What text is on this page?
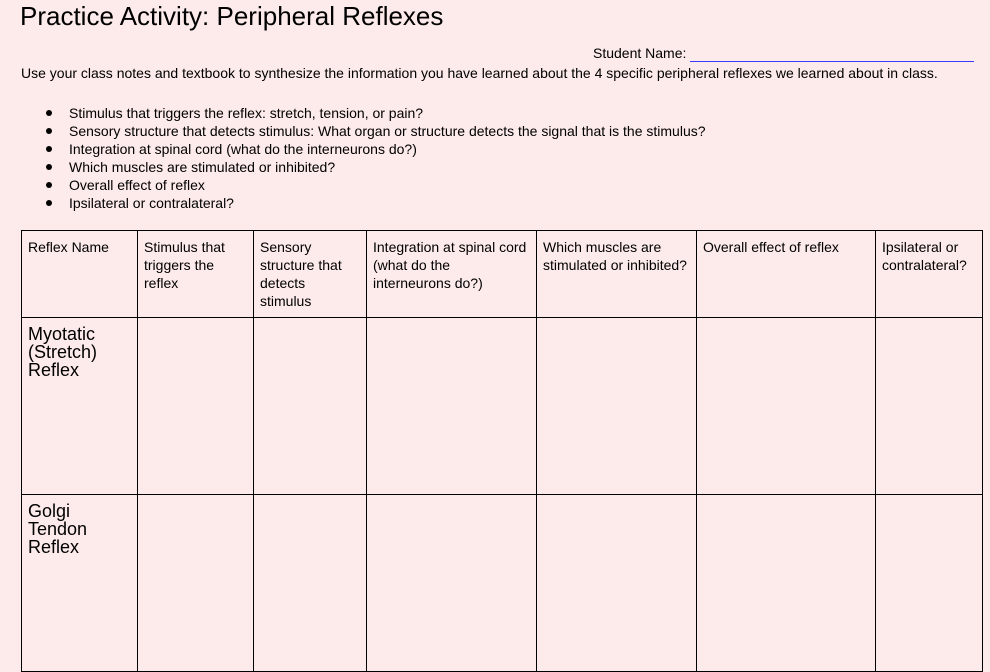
Practice Activity: Peripheral Reflexes
Student Name:

Use your class notes and textbook to synthesize the information you have learned about the 4 specific peripheral reflexes we learned about in class.

Stimulus that triggers the reflex: stretch, tension, or pain?
Sensory structure that detects stimulus: What organ or structure detects the signal that is the stimulus?
Integration at spinal cord (what do the interneurons do?)
Which muscles are stimulated or inhibited?
Overall effect of reflex
Ipsilateral or contralateral?
Reflex Name	Stimulus that triggers the reflex	Sensory structure that detects stimulus	Integration at spinal cord (what do the interneurons do?)	Which muscles are stimulated or inhibited?	Overall effect of reflex	Ipsilateral or contralateral?
Myotatic (Stretch) Reflex						
Golgi Tendon Reflex						
